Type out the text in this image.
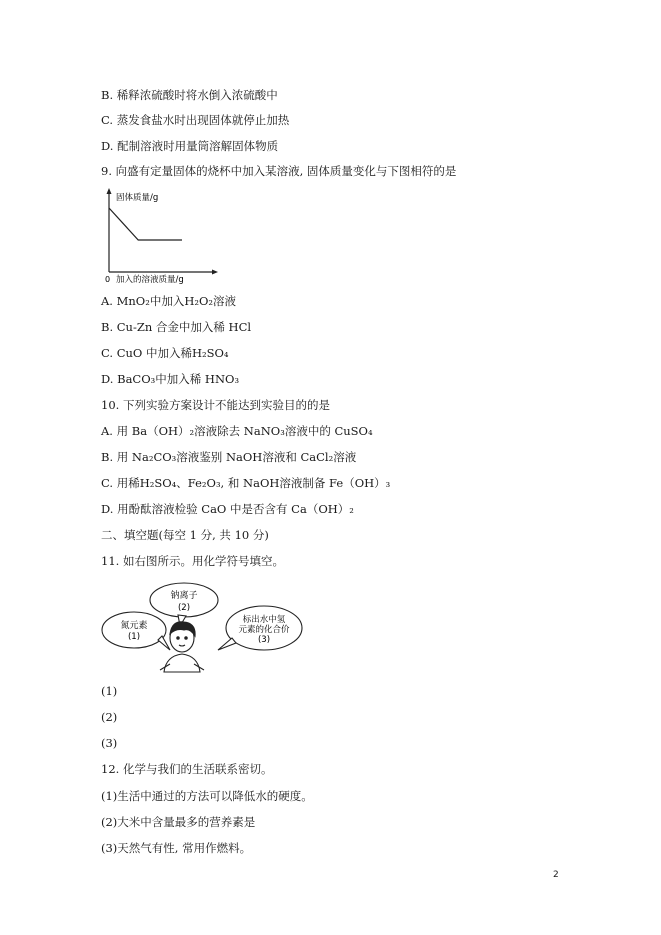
B. 稀释浓硫酸时将水倒入浓硫酸中
C. 蒸发食盐水时出现固体就停止加热
D. 配制溶液时用量筒溶解固体物质
9. 向盛有定量固体的烧杯中加入某溶液, 固体质量变化与下图相符的是
固体质量/g
0 加入的溶液质量/g
A. MnO₂中加入H₂O₂溶液
B. Cu-Zn 合金中加入稀 HCl
C. CuO 中加入稀H₂SO₄
D. BaCO₃中加入稀 HNO₃
10. 下列实验方案设计不能达到实验目的的是
A. 用 Ba（OH）₂溶液除去 NaNO₃溶液中的 CuSO₄
B. 用 Na₂CO₃溶液鉴别 NaOH溶液和 CaCl₂溶液
C. 用稀H₂SO₄、Fe₂O₃, 和 NaOH溶液制备 Fe（OH）₃
D. 用酚酞溶液检验 CaO 中是否含有 Ca（OH）₂
二、填空题(每空 1 分, 共 10 分)
11. 如右图所示。用化学符号填空。
氮元素
(1)
钠离子
(2)
标出水中氢
元素的化合价
(3)
(1)
(2)
(3)
12. 化学与我们的生活联系密切。
(1)生活中通过的方法可以降低水的硬度。
(2)大米中含量最多的营养素是
(3)天然气有性, 常用作燃料。
2
